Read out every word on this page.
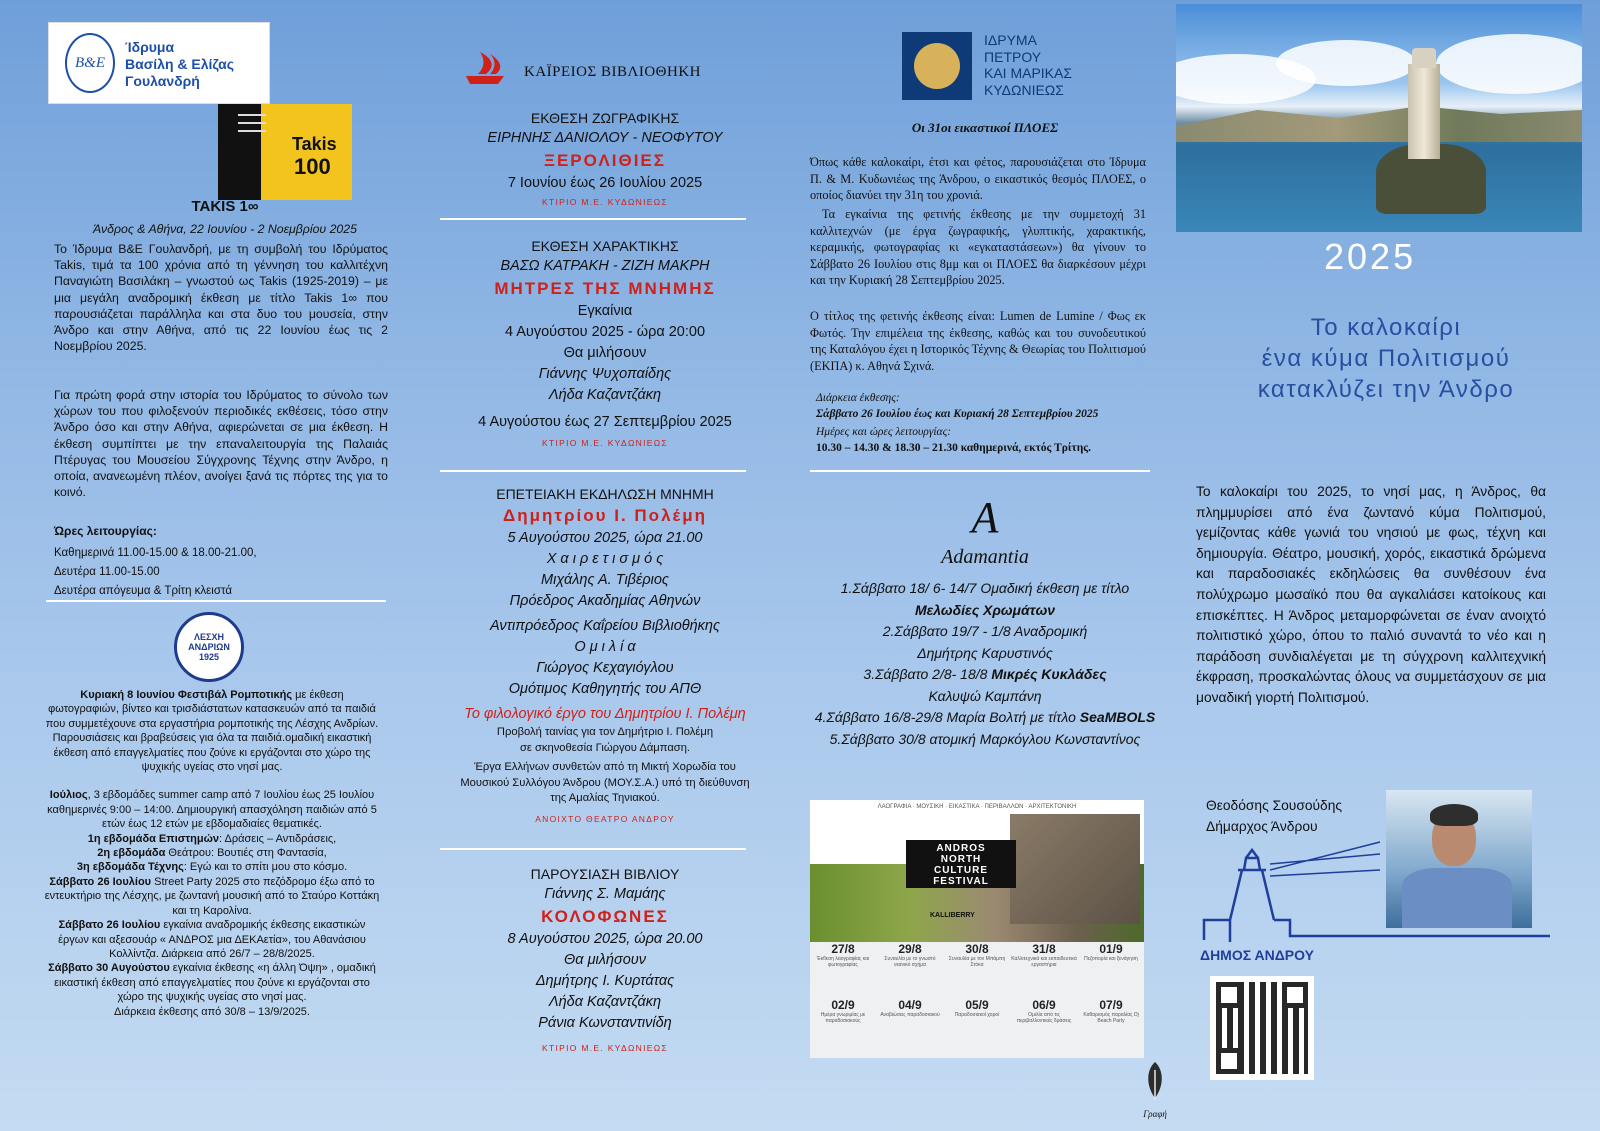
Β&Ε
Ίδρυμα
Βασίλη & Ελίζας
Γουλανδρή
Takis
100
TAKIS 1∞
Άνδρος & Αθήνα, 22 Ιουνίου - 2 Νοεμβρίου 2025

Το Ίδρυμα Β&Ε Γουλανδρή, με τη συμβολή του Ιδρύματος Takis, τιμά τα 100 χρόνια από τη γέννηση του καλλιτέχνη Παναγιώτη Βασιλάκη – γνωστού ως Takis (1925-2019) – με μια μεγάλη αναδρομική έκθεση με τίτλο Takis 1∞ που παρουσιάζεται παράλληλα και στα δυο του μουσεία, στην Άνδρο και στην Αθήνα, από τις 22 Ιουνίου έως τις 2 Νοεμβρίου 2025.

Για πρώτη φορά στην ιστορία του Ιδρύματος το σύνολο των χώρων του που φιλοξενούν περιοδικές εκθέσεις, τόσο στην Άνδρο όσο και στην Αθήνα, αφιερώνεται σε μια έκθεση. Η έκθεση συμπίπτει με την επαναλειτουργία της Παλαιάς Πτέρυγας του Μουσείου Σύγχρονης Τέχνης στην Άνδρο, η οποία, ανανεωμένη πλέον, ανοίγει ξανά τις πόρτες της για το κοινό.

Ώρες λειτουργίας:
Καθημερινά 11.00-15.00 & 18.00-21.00,
Δευτέρα 11.00-15.00
Δευτέρα απόγευμα & Τρίτη κλειστά
ΛΕΣΧΗ ΑΝΔΡΙΩΝ 1925

Κυριακή 8 Ιουνίου Φεστιβάλ Ρομποτικής με έκθεση φωτογραφιών, βίντεο και τρισδιάστατων κατασκευών από τα παιδιά που συμμετέχουνε στα εργαστήρια ρομποτικής της Λέσχης Ανδρίων. Παρουσιάσεις και βραβεύσεις για όλα τα παιδιά.ομαδική εικαστική έκθεση από επαγγελματίες που ζούνε κι εργάζονται στο χώρο της ψυχικής υγείας στο νησί μας.

Ιούλιος, 3 εβδομάδες summer camp από 7 Ιουλίου έως 25 Ιουλίου καθημερινές 9:00 – 14:00. Δημιουργική απασχόληση παιδιών από 5 ετών έως 12 ετών με εβδομαδιαίες θεματικές.

1η εβδομάδα Επιστημών: Δράσεις – Αντιδράσεις,

2η εβδομάδα Θεάτρου: Βουτιές στη Φαντασία,

3η εβδομάδα Τέχνης: Εγώ και το σπίτι μου στο κόσμο.

Σάββατο 26 Ιουλίου Street Party 2025 στο πεζόδρομο έξω από το εντευκτήριο της Λέσχης, με ζωντανή μουσική από το Σταύρο Κοττάκη και τη Καρολίνα.

Σάββατο 26 Ιουλίου εγκαίνια αναδρομικής έκθεσης εικαστικών έργων και αξεσουάρ « ΑΝΔΡΟΣ μια ΔΕΚΑετία», του Αθανάσιου Κολλίντζα. Διάρκεια από 26/7 – 28/8/2025.

Σάββατο 30 Αυγούστου εγκαίνια έκθεσης «η άλλη Όψη» , ομαδική εικαστική έκθεση από επαγγελματίες που ζούνε κι εργάζονται στο χώρο της ψυχικής υγείας στο νησί μας.

Διάρκεια έκθεσης από 30/8 – 13/9/2025.

ΚΑΪΡΕΙΟΣ ΒΙΒΛΙΟΘΗΚΗ
ΕΚΘΕΣΗ ΖΩΓΡΑΦΙΚΗΣ
ΕΙΡΗΝΗΣ ΔΑΝΙΟΛΟΥ - ΝΕΟΦΥΤΟΥ
ΞΕΡΟΛΙΘΙΕΣ
7 Ιουνίου έως 26 Ιουλίου 2025
ΚΤΙΡΙΟ Μ.Ε. ΚΥΔΩΝΙΕΩΣ
ΕΚΘΕΣΗ ΧΑΡΑΚΤΙΚΗΣ
ΒΑΣΩ ΚΑΤΡΑΚΗ - ΖΙΖΗ ΜΑΚΡΗ
ΜΗΤΡΕΣ ΤΗΣ ΜΝΗΜΗΣ
Εγκαίνια
4 Αυγούστου 2025 - ώρα 20:00
Θα μιλήσουν
Γιάννης Ψυχοπαίδης
Λήδα Καζαντζάκη
4 Αυγούστου έως 27 Σεπτεμβρίου 2025
ΚΤΙΡΙΟ Μ.Ε. ΚΥΔΩΝΙΕΩΣ
ΕΠΕΤΕΙΑΚΗ ΕΚΔΗΛΩΣΗ ΜΝΗΜΗ
Δημητρίου Ι. Πολέμη
5 Αυγούστου 2025, ώρα 21.00
Χ α ι ρ ε τ ι σ μ ό ς
Μιχάλης Α. Τιβέριος
Πρόεδρος Ακαδημίας Αθηνών
Αντιπρόεδρος Καΐρείου Βιβλιοθήκης
Ο μ ι λ ί α
Γιώργος Κεχαγιόγλου
Ομότιμος Καθηγητής του ΑΠΘ
Το φιλολογικό έργο του Δημητρίου Ι. Πολέμη
Προβολή ταινίας για τον Δημήτριο Ι. Πολέμη
σε σκηνοθεσία Γιώργου Δάμπαση.
Έργα Ελλήνων συνθετών από τη Μικτή Χορωδία του Μουσικού Συλλόγου Άνδρου (ΜΟΥ.Σ.Α.) υπό τη διεύθυνση της Αμαλίας Τηνιακού.
ΑΝΟΙΧΤΟ ΘΕΑΤΡΟ ΑΝΔΡΟΥ
ΠΑΡΟΥΣΙΑΣΗ ΒΙΒΛΙΟΥ
Γιάννης Σ. Μαμάης
ΚΟΛΟΦΩΝΕΣ
8 Αυγούστου 2025, ώρα 20.00
Θα μιλήσουν
Δημήτρης Ι. Κυρτάτας
Λήδα Καζαντζάκη
Ράνια Κωνσταντινίδη
ΚΤΙΡΙΟ Μ.Ε. ΚΥΔΩΝΙΕΩΣ
ΙΔΡΥΜΑ
ΠΕΤΡΟΥ
ΚΑΙ ΜΑΡΙΚΑΣ
ΚΥΔΩΝΙΕΩΣ
Οι 31οι εικαστικοί ΠΛΟΕΣ

Όπως κάθε καλοκαίρι, έτσι και φέτος, παρουσιάζεται στο Ίδρυμα Π. & Μ. Κυδωνιέως της Άνδρου, ο εικαστικός θεσμός ΠΛΟΕΣ, ο οποίος διανύει την 31η του χρονιά.

Τα εγκαίνια της φετινής έκθεσης με την συμμετοχή 31 καλλιτεχνών (με έργα ζωγραφικής, γλυπτικής, χαρακτικής, κεραμικής, φωτογραφίας κι «εγκαταστάσεων») θα γίνουν το Σάββατο 26 Ιουλίου στις 8μμ και οι ΠΛΟΕΣ θα διαρκέσουν μέχρι και την Κυριακή 28 Σεπτεμβρίου 2025.

Ο τίτλος της φετινής έκθεσης είναι: Lumen de Lumine / Φως εκ Φωτός. Την επιμέλεια της έκθεσης, καθώς και του συνοδευτικού της Καταλόγου έχει η Ιστορικός Τέχνης & Θεωρίας του Πολιτισμού (ΕΚΠΑ) κ. Αθηνά Σχινά.

Διάρκεια έκθεσης:
Σάββατο 26 Ιουλίου έως και Κυριακή 28 Σεπτεμβρίου 2025
Ημέρες και ώρες λειτουργίας:
10.30 – 14.30 & 18.30 – 21.30 καθημερινά, εκτός Τρίτης.
A
Adamantia
1.Σάββατο 18/ 6- 14/7 Ομαδική έκθεση με τίτλο Μελωδίες Χρωμάτων
2.Σάββατο 19/7 - 1/8 Αναδρομική
Δημήτρης Καρυστινός
3.Σάββατο 2/8- 18/8 Μικρές Κυκλάδες
Καλυψώ Καμπάνη
4.Σάββατο 16/8-29/8 Μαρία Βολτή με τίτλο SeaMBOLS
5.Σάββατο 30/8 ατομική Μαρκόγλου Κωνσταντίνος
ΛΑΟΓΡΑΦΙΑ · ΜΟΥΣΙΚΗ · ΕΙΚΑΣΤΙΚΑ · ΠΕΡΙΒΑΛΛΟΝ · ΑΡΧΙΤΕΚΤΟΝΙΚΗ
ANDROS
NORTH
CULTURE
FESTIVAL
KALLIBERRY
27/8
Έκθεση λαογραφίας και φωτογραφίας
29/8
Συναυλία με το γνωστό νεανικό σχήμα
30/8
Συναυλία με τον Μπάμπη Στόκα
31/8
Καλλιτεχνικά και εκπαιδευτικά εργαστήρια
01/9
Πεζοπορία και ξενάγηση
02/9
Ημέρα γνωριμίας με παραδοσιακούς
04/9
Αναβιώσεις παραδοσιακού
05/9
Παραδοσιακοί χοροί
06/9
Ομιλία από τις περιβαλλοντικές δράσεις
07/9
Καθαρισμός παραλίας Dj Beach Party
Γραφή
2025
Το καλοκαίρι
ένα κύμα Πολιτισμού
κατακλύζει την Άνδρο

Το καλοκαίρι του 2025, το νησί μας, η Άνδρος, θα πλημμυρίσει από ένα ζωντανό κύμα Πολιτισμού, γεμίζοντας κάθε γωνιά του νησιού με φως, τέχνη και δημιουργία. Θέατρο, μουσική, χορός, εικαστικά δρώμενα και παραδοσιακές εκδηλώσεις θα συνθέσουν ένα πολύχρωμο μωσαϊκό που θα αγκαλιάσει κατοίκους και επισκέπτες. Η Άνδρος μεταμορφώνεται σε έναν ανοιχτό πολιτιστικό χώρο, όπου το παλιό συναντά το νέο και η παράδοση συνδιαλέγεται με τη σύγχρονη καλλιτεχνική έκφραση, προσκαλώντας όλους να συμμετάσχουν σε μια μοναδική γιορτή Πολιτισμού.

Θεοδόσης Σουσούδης
Δήμαρχος Άνδρου
ΔΗΜΟΣ ΑΝΔΡΟΥ
